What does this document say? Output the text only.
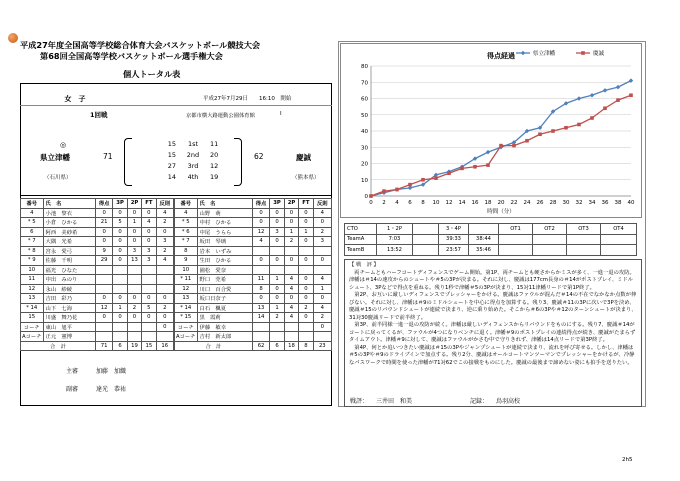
平成27年度全国高等学校総合体育大会バスケットボール競技大会
第68回全国高等学校バスケットボール選手権大会
個人トータル表
女　子	平成27年7月29日　　16:10　開始
1回戦	京都市横大路運動公園体育館	Ⅰ
◎
県立津幡
（石川県）
71
15	1st	11
15	2nd	20
27	3rd	12
14	4th	19
62	慶誠
（熊本県）
番号	氏　名	得点	3P	2P	FT	反則
4	小池　黎衣	0	0	0	0	4
* 5	小倉　ひかる	21	5	1	4	2
6	阿西　美紗希	0	0	0	0	0
* 7	大隅　光希	0	0	0	0	3
* 8	宮永　愛弓	9	0	3	3	2
* 9	佐藤　千明	29	0	13	3	4
10	福光　ひなた					
11	中出　みのり					
12	永山　紗綾					
13	吉田　彩乃	0	0	0	0	0
* 14	山下　七海	12	1	2	5	2
15	川盛　舞乃花	0	0	0	0	0
コーチ	東山　旭平					0
Aコーチ	正元　憲博					
合　計		71	6	19	15	16
番号	氏　名	得点	3P	2P	FT	反則
4	山野　萌	0	0	0	0	4
* 5	中村　ひかる	0	0	0	0	0
* 6	中尾　うらら	12	3	1	1	2
* 7	坂田　琴璃	4	0	2	0	3
8	岩本　いずみ					
9	生田　ひかる	0	0	0	0	0
10	園松　愛奈					
* 11	野口　莞希	11	1	4	0	4
12	川口　百合愛	8	0	4	0	1
13	坂口日奈子	0	0	0	0	0
* 14	白石　楓夏	13	1	4	2	4
* 15	黒　霞莉	14	2	4	0	2
コーチ	伊藤　敏幸					0
Aコーチ	吉村　新太郎					
合　計		62	6	18	8	23
主審	加藤　加織
副審	達光　恭祐
0
10
20
30
40
50
60
70
80
0 2 4 6 8 10 12 14 16 18 20 22 24 26 28 30 32 34 36 38 40
得点経過
時間（分）
県立津幡	慶誠
CTO	1・2P		3・4P		OT1	OT2	OT3	OT4
TeamA	7:03		39:33	38:44				
TeamB	13:52		23:57	35:46				
【 戦　評 】

両チームともハーフコートディフェンスでゲーム開始。第1P、両チームとも硬さからかミスが多く、一進一退の攻防。津幡は＃14の速攻からのシュートや＃5の3Pが決まる。それに対し、慶誠は177cm長身の＃14がポストプレイ、ミドルシュート、3Pなどで得点を重ねる。残り1秒で津幡＃5の3Pが決まり、15対11津幡リードで第1P終了。

第2P、お互いに厳しいディフェンスでプレッシャーをかける。慶誠はファウルが混んだ＃14の不在でなかなか点数が伸びない。それに対し、津幡は＃9のミドルシュートを中心に得点を加算する。残り3、慶誠＃11の3Pに次いで3Pを決め、慶誠＃15のリバウンドシュートが連続で決まり、逆に乗り始めた。そこから＃6の3Pや＃12のターンシュートが決まり、31対30慶誠リードで前半終了。

第3P、前半同様一進一退の攻防が続く。津幡は厳しいディフェンスからリバウンドをものにする。残り7、慶誠＃14がコートに戻ってくるが、ファウルが4つになりベンチに退く。津幡＃9のポストプレイの連続得点が続き、慶誠がたまらずタイムアウト。津幡＃9に対して、慶誠はファウルがかさむ中で守りきれず、津幡は14点リードで第3P終了。

第4P、何とか追いつきたい慶誠は＃15の3Pやジャンプシュートが連続で決まり、流れを呼び寄せる。しかし、津幡は＃5の3Pや＃9のドライブインで加点する。残り2分、慶誠はオールコートマンツーマンでプレッシャーをかけるが、冷静なパスワークで時間を使った津幡が71対62でこの接戦をものにした。慶誠の最後まで諦めない姿にも拍手を送りたい。

戦評： 三井田　和美	記録： 鳥羽高校
2h5
